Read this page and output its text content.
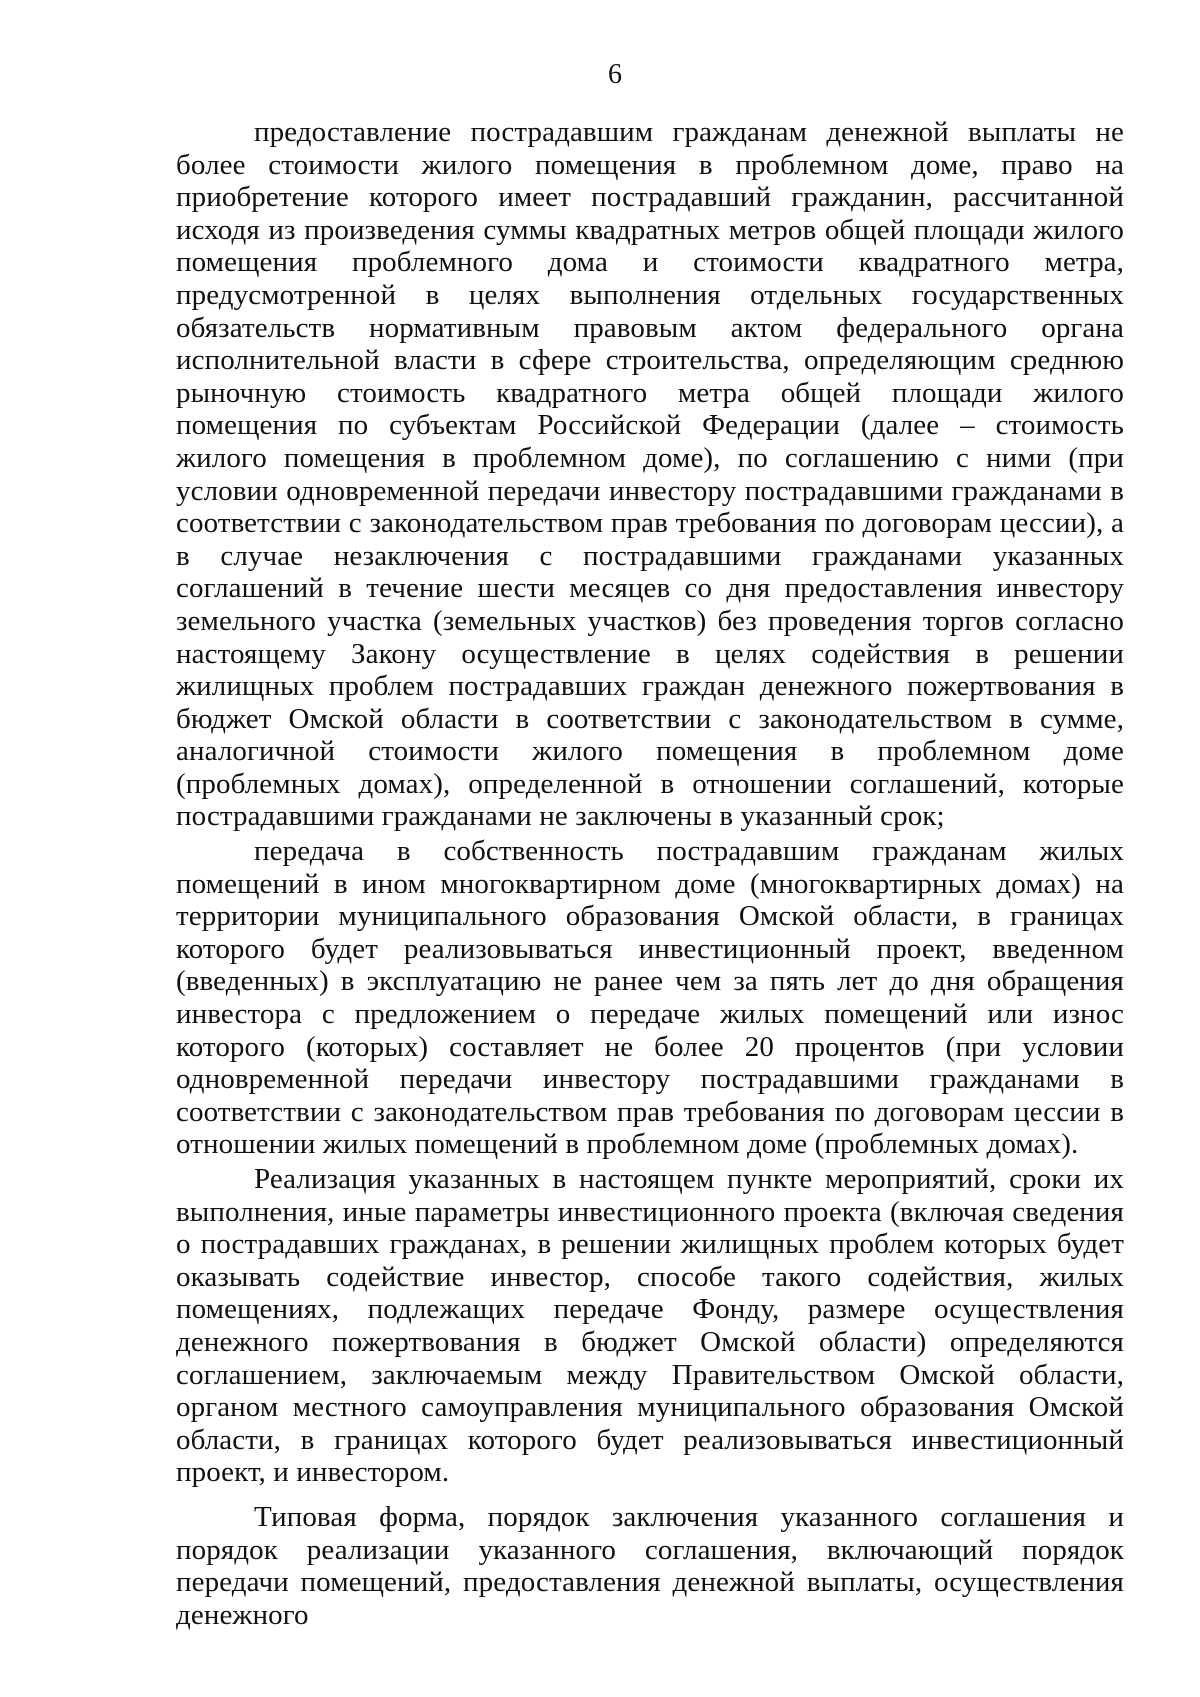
6

предоставление пострадавшим гражданам денежной выплаты не более стоимости жилого помещения в проблемном доме, право на приобретение которого имеет пострадавший гражданин, рассчитанной исходя из произведения суммы квадратных метров общей площади жилого помещения проблемного дома и стоимости квадратного метра, предусмотренной в целях выполнения отдельных государственных обязательств нормативным правовым актом федерального органа исполнительной власти в сфере строительства, определяющим среднюю рыночную стоимость квадратного метра общей площади жилого помещения по субъектам Российской Федерации (далее – стоимость жилого помещения в проблемном доме), по соглашению с ними (при условии одновременной передачи инвестору пострадавшими гражданами в соответствии с законодательством прав требования по договорам цессии), а в случае незаключения с пострадавшими гражданами указанных соглашений в течение шести месяцев со дня предоставления инвестору земельного участка (земельных участков) без проведения торгов согласно настоящему Закону осуществление в целях содействия в решении жилищных проблем пострадавших граждан денежного пожертвования в бюджет Омской области в соответствии с законодательством в сумме, аналогичной стоимости жилого помещения в проблемном доме (проблемных домах), определенной в отношении соглашений, которые пострадавшими гражданами не заключены в указанный срок;

передача в собственность пострадавшим гражданам жилых помещений в ином многоквартирном доме (многоквартирных домах) на территории муниципального образования Омской области, в границах которого будет реализовываться инвестиционный проект, введенном (введенных) в эксплуатацию не ранее чем за пять лет до дня обращения инвестора с предложением о передаче жилых помещений или износ которого (которых) составляет не более 20 процентов (при условии одновременной передачи инвестору пострадавшими гражданами в соответствии с законодательством прав требования по договорам цессии в отношении жилых помещений в проблемном доме (проблемных домах).

Реализация указанных в настоящем пункте мероприятий, сроки их выполнения, иные параметры инвестиционного проекта (включая сведения о пострадавших гражданах, в решении жилищных проблем которых будет оказывать содействие инвестор, способе такого содействия, жилых помещениях, подлежащих передаче Фонду, размере осуществления денежного пожертвования в бюджет Омской области) определяются соглашением, заключаемым между Правительством Омской области, органом местного самоуправления муниципального образования Омской области, в границах которого будет реализовываться инвестиционный проект, и инвестором.

Типовая форма, порядок заключения указанного соглашения и порядок реализации указанного соглашения, включающий порядок передачи помещений, предоставления денежной выплаты, осуществления денежного
